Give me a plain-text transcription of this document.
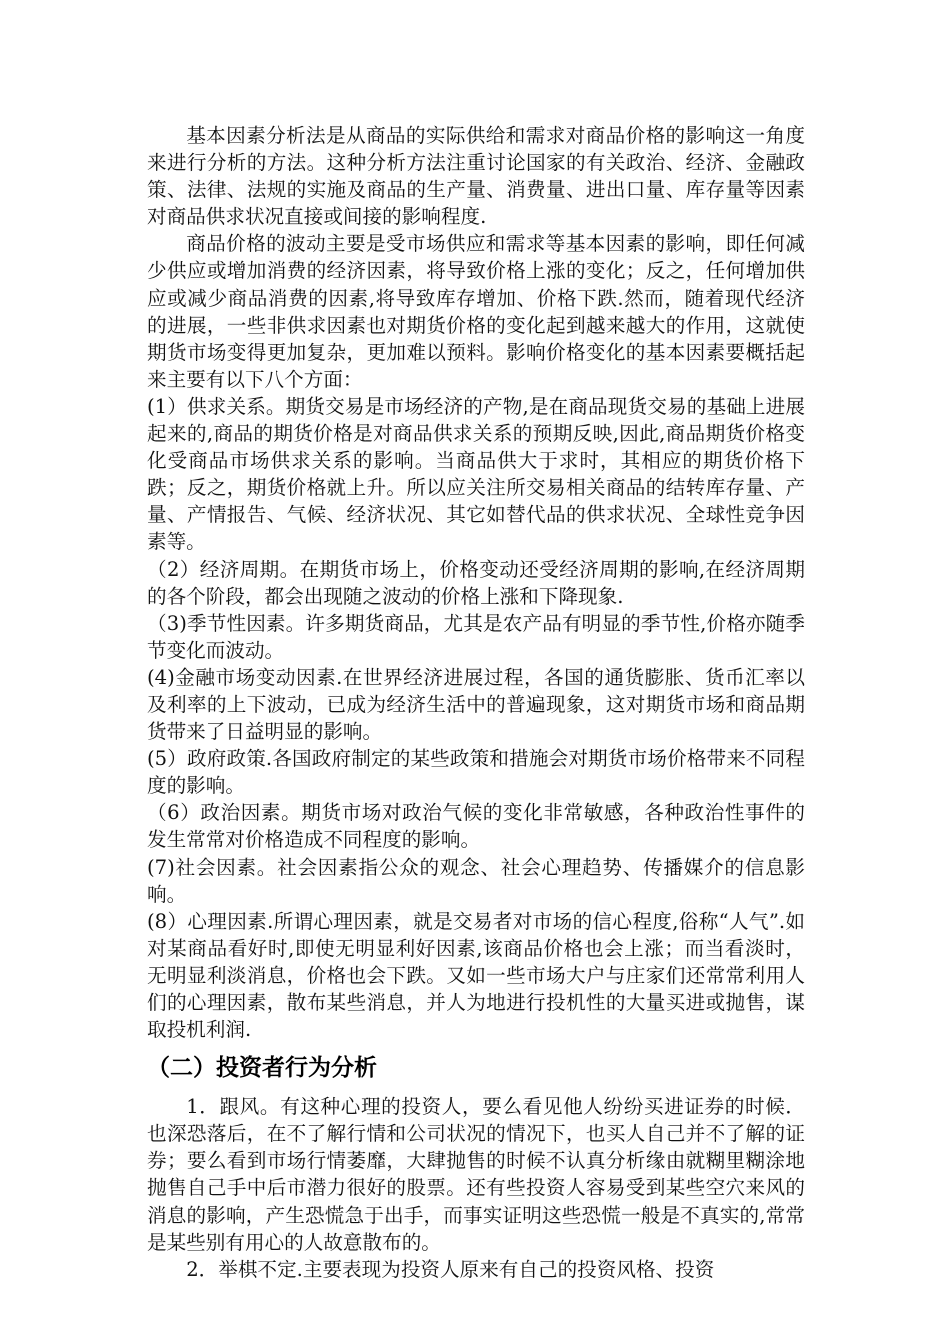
基本因素分析法是从商品的实际供给和需求对商品价格的影响这一角度来进行分析的方法。这种分析方法注重讨论国家的有关政治、经济、金融政策、法律、法规的实施及商品的生产量、消费量、进出口量、库存量等因素对商品供求状况直接或间接的影响程度.

商品价格的波动主要是受市场供应和需求等基本因素的影响，即任何减少供应或增加消费的经济因素，将导致价格上涨的变化；反之，任何增加供应或减少商品消费的因素,将导致库存增加、价格下跌.然而，随着现代经济的进展，一些非供求因素也对期货价格的变化起到越来越大的作用，这就使期货市场变得更加复杂，更加难以预料。影响价格变化的基本因素要概括起来主要有以下八个方面：

(1）供求关系。期货交易是市场经济的产物,是在商品现货交易的基础上进展起来的,商品的期货价格是对商品供求关系的预期反映,因此,商品期货价格变化受商品市场供求关系的影响。当商品供大于求时，其相应的期货价格下跌；反之，期货价格就上升。所以应关注所交易相关商品的结转库存量、产量、产情报告、气候、经济状况、其它如替代品的供求状况、全球性竞争因素等。

（2）经济周期。在期货市场上，价格变动还受经济周期的影响,在经济周期的各个阶段，都会出现随之波动的价格上涨和下降现象.

（3)季节性因素。许多期货商品，尤其是农产品有明显的季节性,价格亦随季节变化而波动。

(4)金融市场变动因素.在世界经济进展过程，各国的通货膨胀、货币汇率以及利率的上下波动，已成为经济生活中的普遍现象，这对期货市场和商品期货带来了日益明显的影响。

(5）政府政策.各国政府制定的某些政策和措施会对期货市场价格带来不同程度的影响。

（6）政治因素。期货市场对政治气候的变化非常敏感，各种政治性事件的发生常常对价格造成不同程度的影响。

(7)社会因素。社会因素指公众的观念、社会心理趋势、传播媒介的信息影响。

(8）心理因素.所谓心理因素，就是交易者对市场的信心程度,俗称“人气”.如对某商品看好时,即使无明显利好因素,该商品价格也会上涨；而当看淡时，无明显利淡消息，价格也会下跌。又如一些市场大户与庄家们还常常利用人们的心理因素，散布某些消息，并人为地进行投机性的大量买进或抛售，谋取投机利润.

（二）投资者行为分析

1．跟风。有这种心理的投资人，要么看见他人纷纷买进证券的时候．也深恐落后，在不了解行情和公司状况的情况下，也买人自己并不了解的证券；要么看到市场行情萎靡，大肆抛售的时候不认真分析缘由就糊里糊涂地抛售自己手中后市潜力很好的股票。还有些投资人容易受到某些空穴来风的消息的影响，产生恐慌急于出手，而事实证明这些恐慌一般是不真实的,常常是某些别有用心的人故意散布的。

2．举棋不定.主要表现为投资人原来有自己的投资风格、投资
